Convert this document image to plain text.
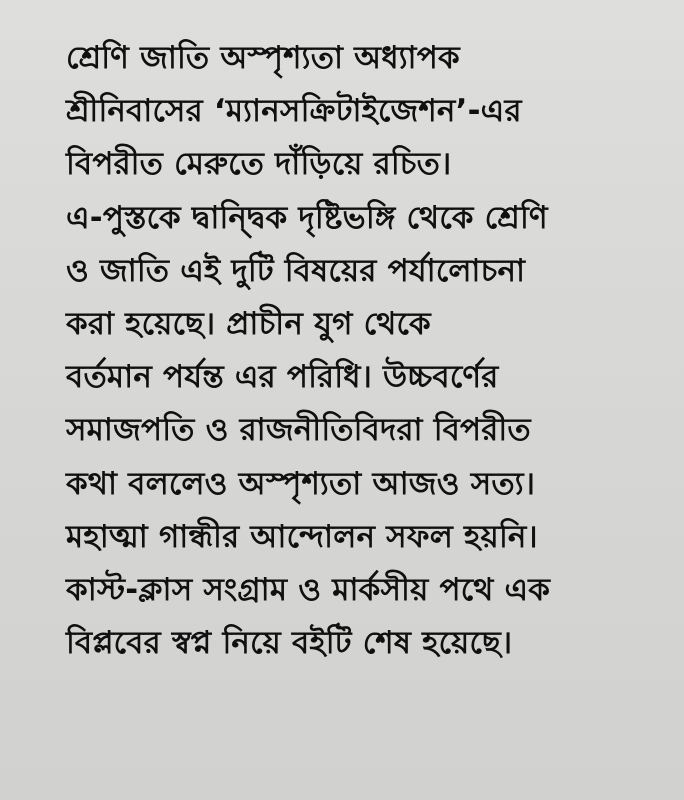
শ্রেণি জাতি অস্পৃশ্যতা অধ্যাপক
শ্রীনিবাসের ‘ম্যানসক্রিটাইজেশন’-এর
বিপরীত মেরুতে দাঁড়িয়ে রচিত।
এ-পুস্তকে দ্বান্দ্বিক দৃষ্টিভঙ্গি থেকে শ্রেণি
ও জাতি এই দুটি বিষয়ের পর্যালোচনা
করা হয়েছে। প্রাচীন যুগ থেকে
বর্তমান পর্যন্ত এর পরিধি। উচ্চবর্ণের
সমাজপতি ও রাজনীতিবিদরা বিপরীত
কথা বললেও অস্পৃশ্যতা আজও সত্য।
মহাত্মা গান্ধীর আন্দোলন সফল হয়নি।
কাস্ট-ক্লাস সংগ্রাম ও মার্কসীয় পথে এক
বিপ্লবের স্বপ্ন নিয়ে বইটি শেষ হয়েছে।
